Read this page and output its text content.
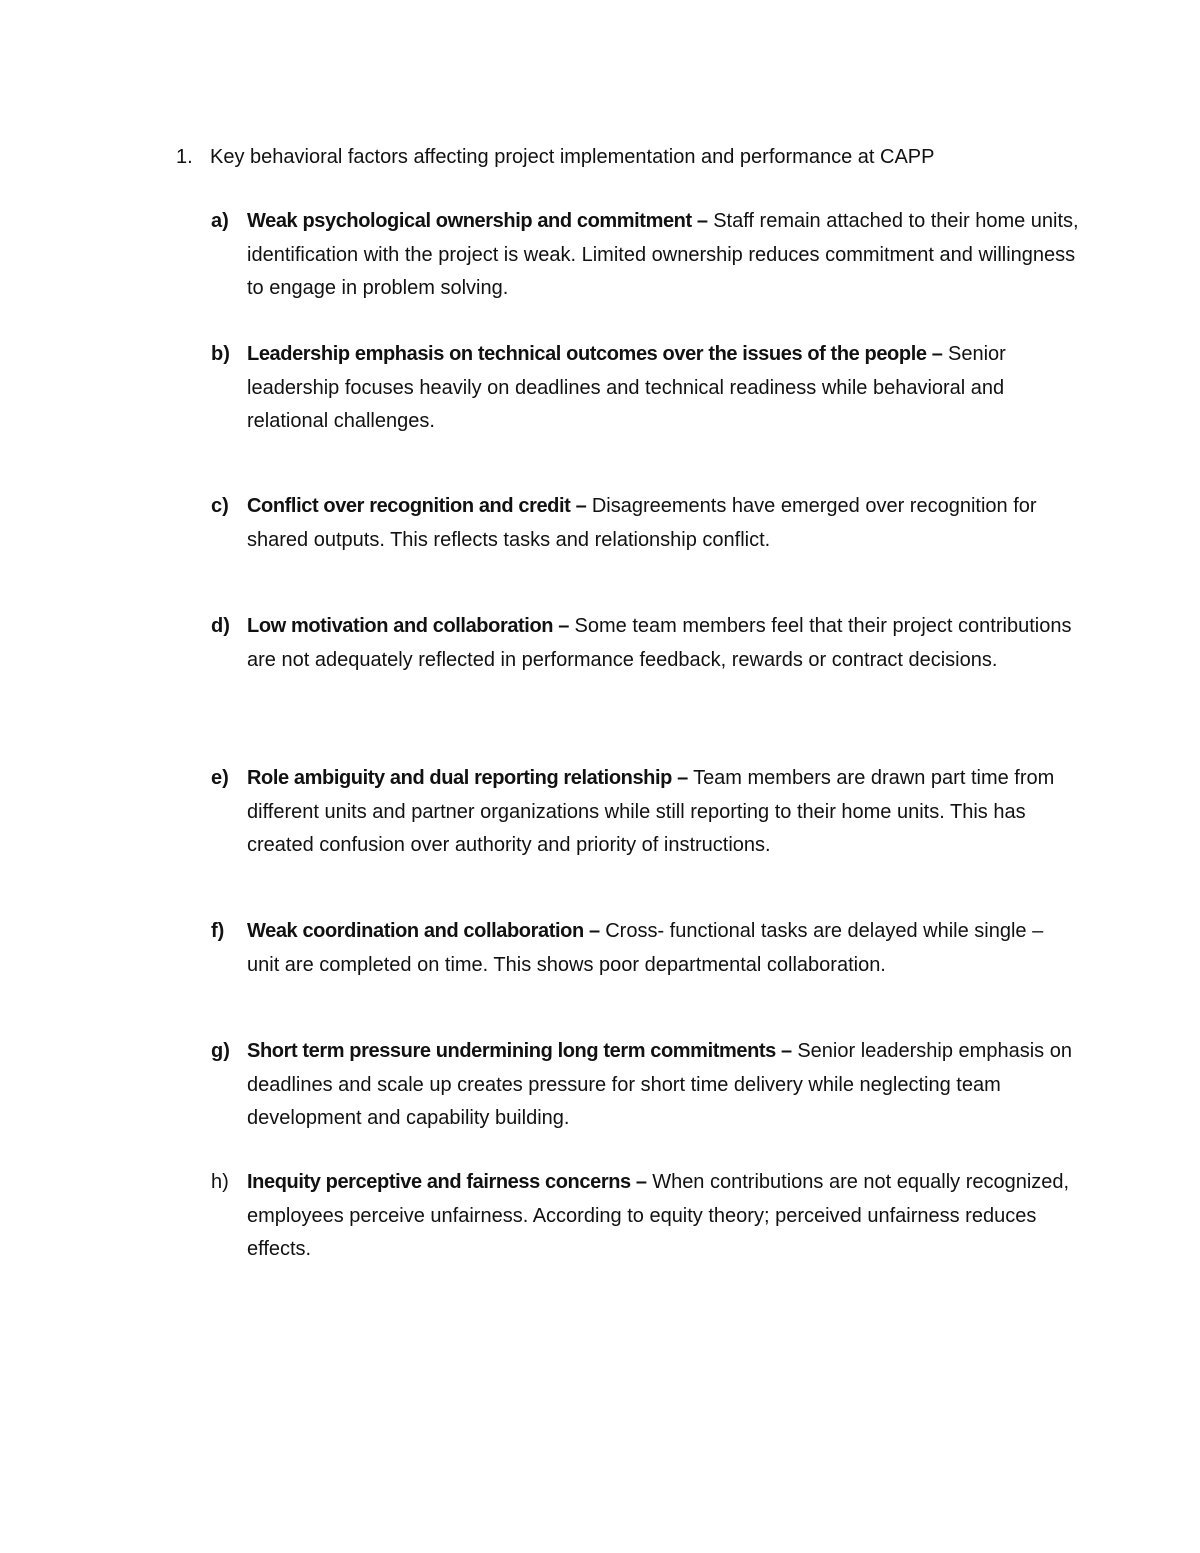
1. Key behavioral factors affecting project implementation and performance at CAPP
a) Weak psychological ownership and commitment – Staff remain attached to their home units, identification with the project is weak. Limited ownership reduces commitment and willingness to engage in problem solving.
b) Leadership emphasis on technical outcomes over the issues of the people – Senior leadership focuses heavily on deadlines and technical readiness while behavioral and relational challenges.
c) Conflict over recognition and credit – Disagreements have emerged over recognition for shared outputs. This reflects tasks and relationship conflict.
d) Low motivation and collaboration – Some team members feel that their project contributions are not adequately reflected in performance feedback, rewards or contract decisions.
e) Role ambiguity and dual reporting relationship – Team members are drawn part time from different units and partner organizations while still reporting to their home units. This has created confusion over authority and priority of instructions.
f) Weak coordination and collaboration – Cross- functional tasks are delayed while single – unit are completed on time. This shows poor departmental collaboration.
g) Short term pressure undermining long term commitments – Senior leadership emphasis on deadlines and scale up creates pressure for short time delivery while neglecting team development and capability building.
h) Inequity perceptive and fairness concerns – When contributions are not equally recognized, employees perceive unfairness. According to equity theory; perceived unfairness reduces effects.
